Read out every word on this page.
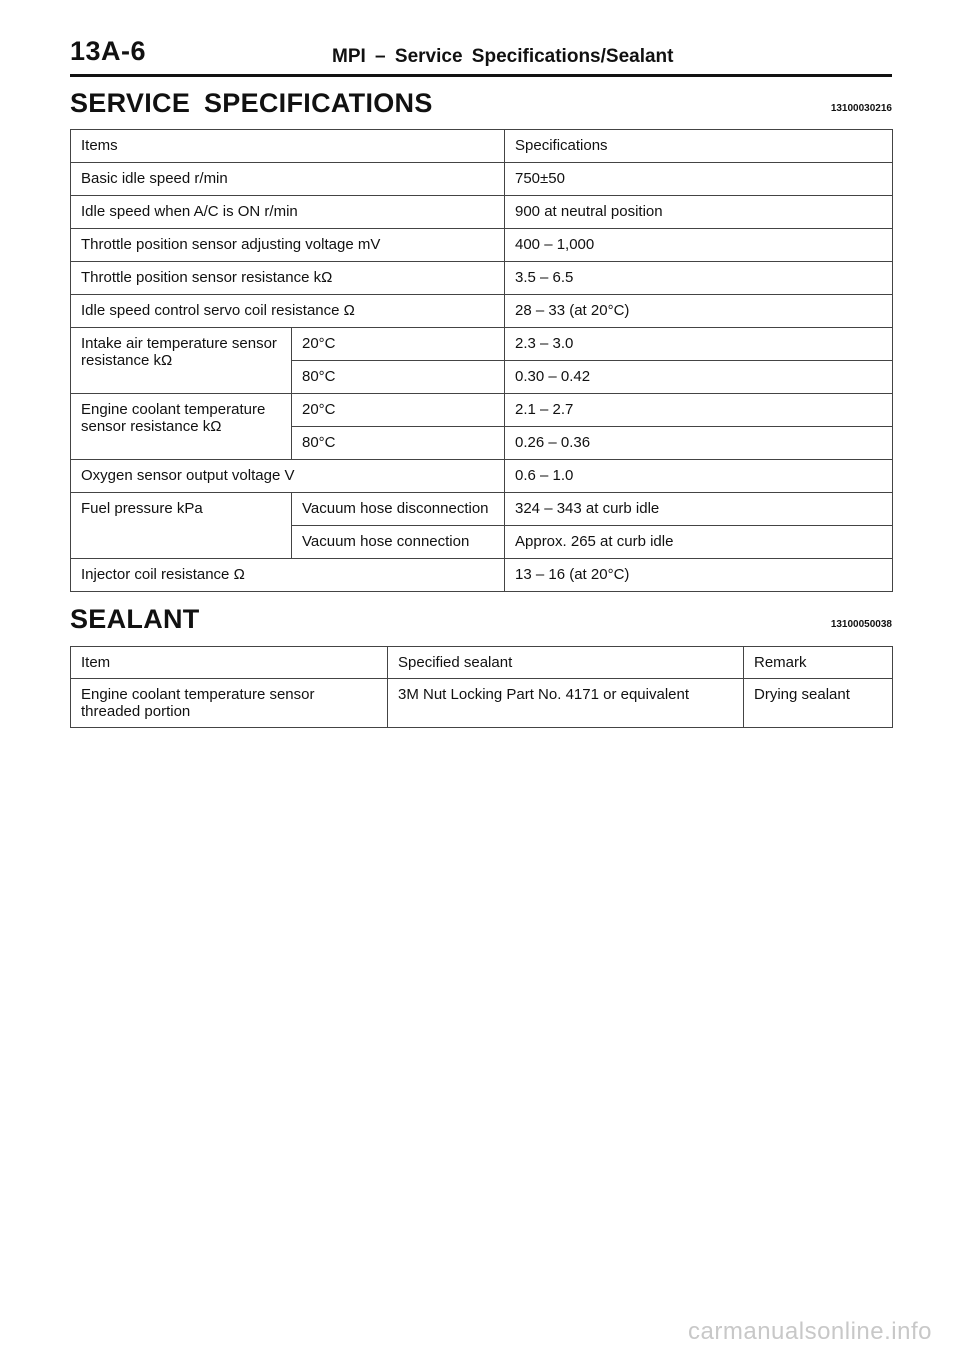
13A-6	MPI – Service Specifications/Sealant
SERVICE SPECIFICATIONS	13100030216
Items		Specifications
Basic idle speed r/min		750±50
Idle speed when A/C is ON r/min		900 at neutral position
Throttle position sensor adjusting voltage mV		400 – 1,000
Throttle position sensor resistance kΩ		3.5 – 6.5
Idle speed control servo coil resistance Ω		28 – 33 (at 20°C)
Intake air temperature sensor resistance kΩ	20°C	2.3 – 3.0
	80°C	0.30 – 0.42
Engine coolant temperature sensor resistance kΩ	20°C	2.1 – 2.7
	80°C	0.26 – 0.36
Oxygen sensor output voltage V		0.6 – 1.0
Fuel pressure kPa	Vacuum hose disconnection	324 – 343 at curb idle
	Vacuum hose connection	Approx. 265 at curb idle
Injector coil resistance Ω		13 – 16 (at 20°C)
SEALANT	13100050038
Item	Specified sealant	Remark
Engine coolant temperature sensor threaded portion	3M Nut Locking Part No. 4171 or equivalent	Drying sealant
carmanualsonline.info
